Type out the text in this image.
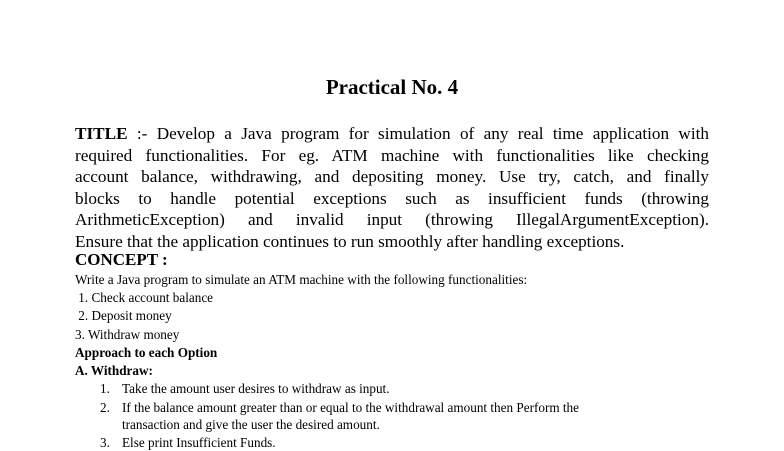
Practical No. 4
TITLE :- Develop a Java program for simulation of any real time application with
required functionalities. For eg. ATM machine with functionalities like checking
account balance, withdrawing, and depositing money. Use try, catch, and finally
blocks to handle potential exceptions such as insufficient funds (throwing
ArithmeticException) and invalid input (throwing IllegalArgumentException).
Ensure that the application continues to run smoothly after handling exceptions.
CONCEPT :
Write a Java program to simulate an ATM machine with the following functionalities:
1. Check account balance
2. Deposit money
3. Withdraw money
Approach to each Option
A. Withdraw:
1. Take the amount user desires to withdraw as input.
2. If the balance amount greater than or equal to the withdrawal amount then Perform the
transaction and give the user the desired amount.
3. Else print Insufficient Funds.
